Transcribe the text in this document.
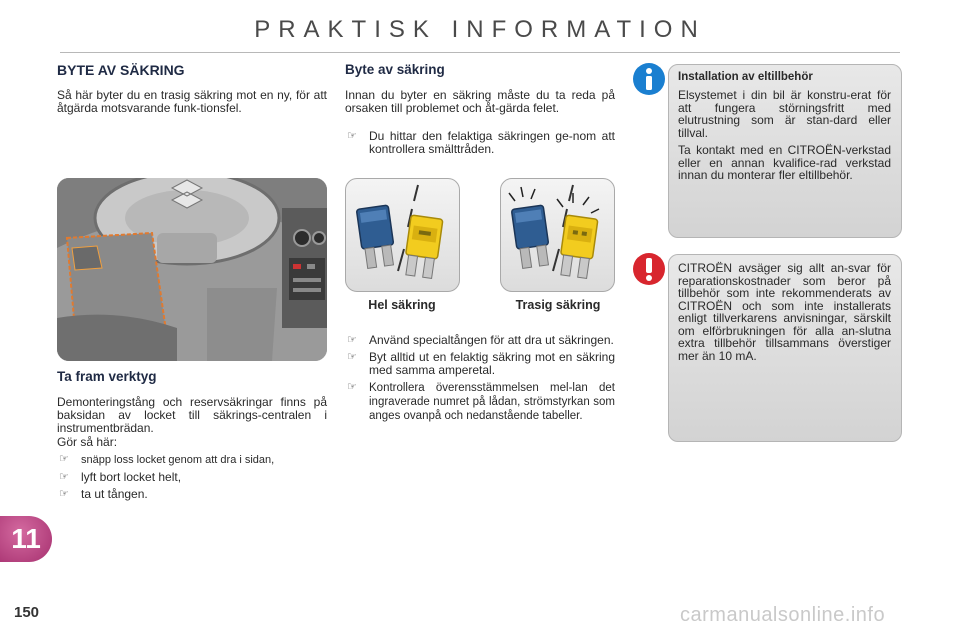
PRAKTISK INFORMATION
BYTE AV SÄKRING

Så här byter du en trasig säkring mot en ny, för att åtgärda motsvarande funk-tionsfel.

Ta fram verktyg

Demonteringstång och reservsäkringar finns på baksidan av locket till säkrings-centralen i instrumentbrädan.

Gör så här:

☞ snäpp loss locket genom att dra i sidan,
☞ lyft bort locket helt,
☞ ta ut tången.
Byte av säkring

Innan du byter en säkring måste du ta reda på orsaken till problemet och åt-gärda felet.

☞ Du hittar den felaktiga säkringen ge-nom att kontrollera smälttråden.
Hel säkring	Trasig säkring
☞ Använd specialtången för att dra ut säkringen.
☞ Byt alltid ut en felaktig säkring mot en säkring med samma amperetal.
☞ Kontrollera överensstämmelsen mel-lan det ingraverade numret på lådan, strömstyrkan som anges ovanpå och nedanstående tabeller.
Installation av eltillbehör

Elsystemet i din bil är konstru-erat för att fungera störningsfritt med elutrustning som är stan-dard eller tillval.

Ta kontakt med en CITROËN-verkstad eller en annan kvalifice-rad verkstad innan du monterar fler eltillbehör.

CITROËN avsäger sig allt an-svar för reparationskostnader som beror på tillbehör som inte rekommenderats av CITROËN och som inte installerats enligt tillverkarens anvisningar, särskilt om elförbrukningen för alla an-slutna extra tillbehör tillsammans överstiger mer än 10 mA.

11
150	carmanualsonline.info
